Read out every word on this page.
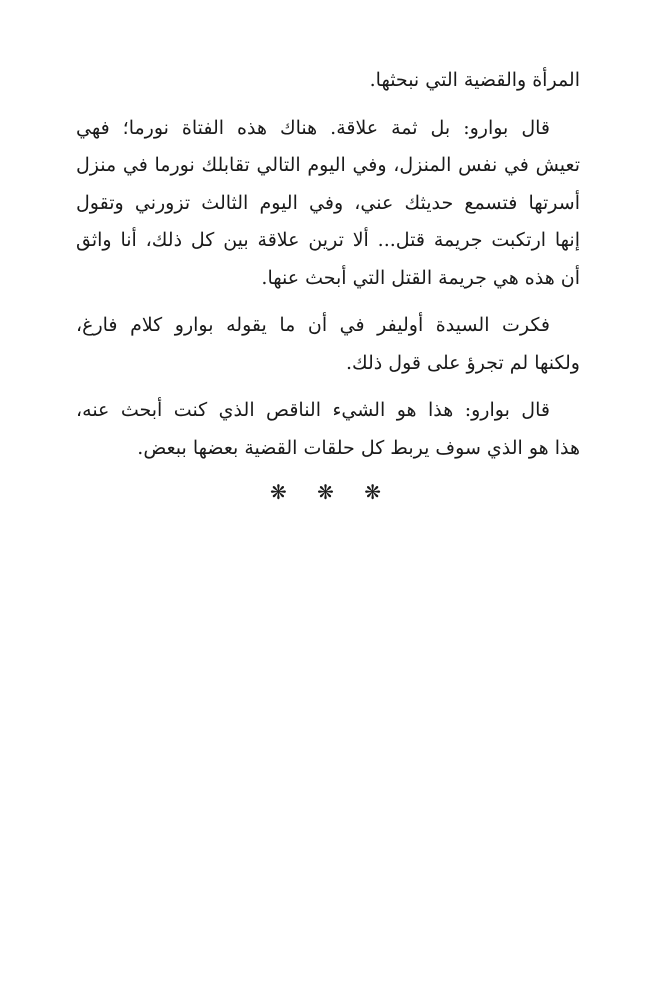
المرأة والقضية التي نبحثها.
قال بوارو: بل ثمة علاقة. هناك هذه الفتاة نورما؛ فهي
تعيش في نفس المنزل، وفي اليوم التالي تقابلك نورما في منزل
أسرتها فتسمع حديثك عني، وفي اليوم الثالث تزورني وتقول
إنها ارتكبت جريمة قتل... ألا ترين علاقة بين كل ذلك، أنا واثق
أن هذه هي جريمة القتل التي أبحث عنها.
فكرت السيدة أوليفر في أن ما يقوله بوارو كلام فارغ،
ولكنها لم تجرؤ على قول ذلك.
قال بوارو: هذا هو الشيء الناقص الذي كنت أبحث عنه،
هذا هو الذي سوف يربط كل حلقات القضية بعضها ببعض.
❋ ❋ ❋
